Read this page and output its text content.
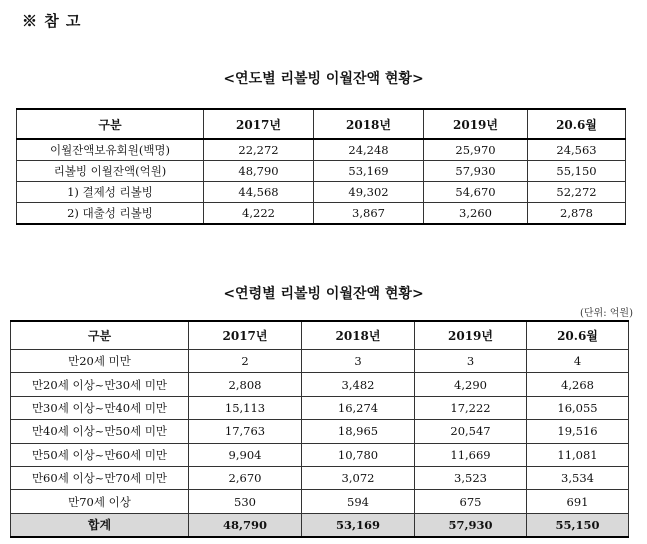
※ 참 고
<연도별 리볼빙 이월잔액 현황>
구분	2017년	2018년	2019년	20.6월
이월잔액보유회원(백명)	22,272	24,248	25,970	24,563
리볼빙 이월잔액(억원)	48,790	53,169	57,930	55,150
1) 결제성 리볼빙	44,568	49,302	54,670	52,272
2) 대출성 리볼빙	4,222	3,867	3,260	2,878
<연령별 리볼빙 이월잔액 현황>
(단위: 억원)
구분	2017년	2018년	2019년	20.6월
만20세 미만	2	3	3	4
만20세 이상~만30세 미만	2,808	3,482	4,290	4,268
만30세 이상~만40세 미만	15,113	16,274	17,222	16,055
만40세 이상~만50세 미만	17,763	18,965	20,547	19,516
만50세 이상~만60세 미만	9,904	10,780	11,669	11,081
만60세 이상~만70세 미만	2,670	3,072	3,523	3,534
만70세 이상	530	594	675	691
합계	48,790	53,169	57,930	55,150
